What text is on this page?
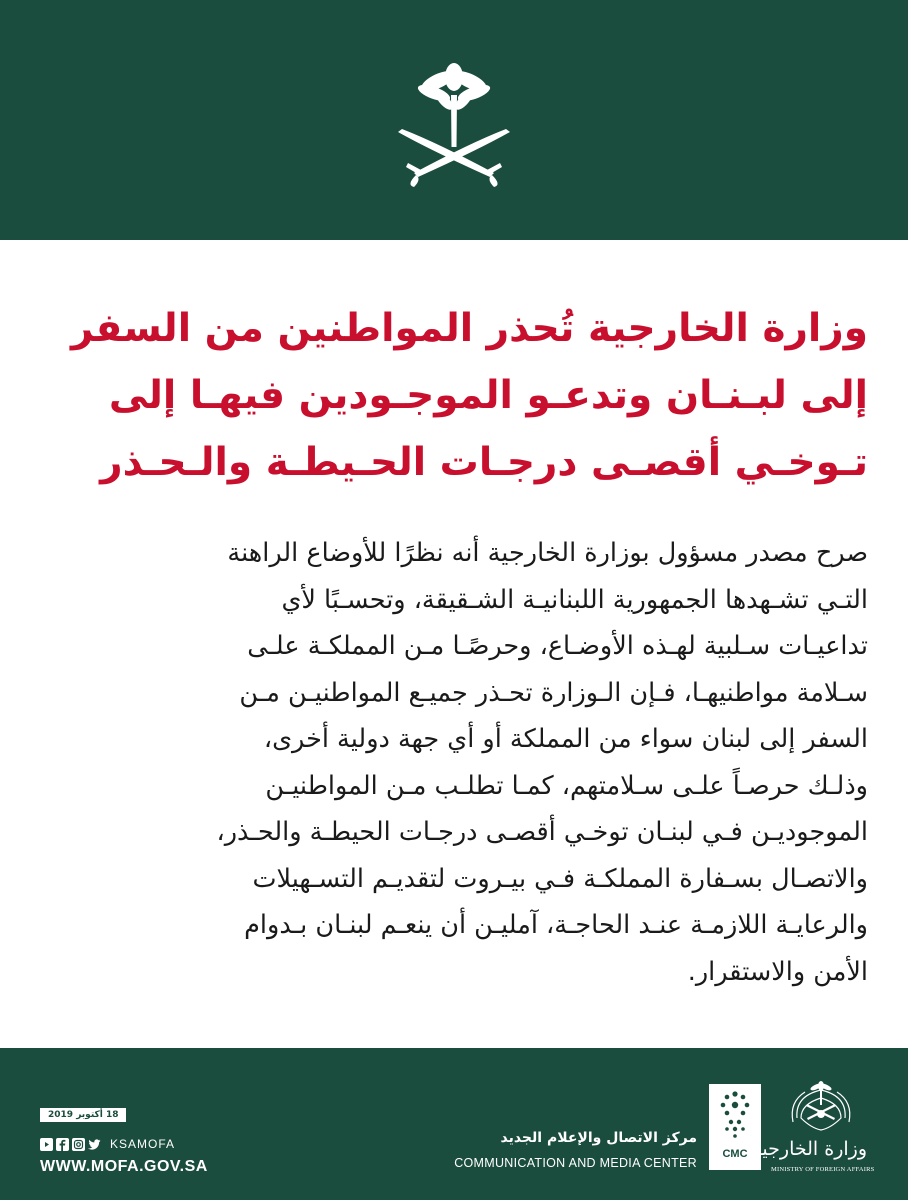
وزارة الخارجية تُحذر المواطنين من السفر
إلى لبـنـان وتدعـو الموجـودين فيهـا إلى
تـوخـي أقصـى درجـات الحـيطـة والـحـذر
صرح مصدر مسؤول بوزارة الخارجية أنه نظرًا للأوضاع الراهنة
التـي تشـهدها الجمهورية اللبنانيـة الشـقيقة، وتحسـبًا لأي
تداعيـات سـلبية لهـذه الأوضـاع، وحرصًـا مـن المملكـة علـى
سـلامة مواطنيهـا، فـإن الـوزارة تحـذر جميـع المواطنيـن مـن
السفر إلى لبنان سواء من المملكة أو أي جهة دولية أخرى،
وذلـك حرصـاً علـى سـلامتهم، كمـا تطلـب مـن المواطنيـن
الموجوديـن فـي لبنـان توخـي أقصـى درجـات الحيطـة والحـذر،
والاتصـال بسـفارة المملكـة فـي بيـروت لتقديـم التسـهيلات
والرعايـة اللازمـة عنـد الحاجـة، آمليـن أن ينعـم لبنـان بـدوام
الأمن والاستقرار.
18 أكتوبر 2019
KSAMOFA
WWW.MOFA.GOV.SA
مركز الاتصال والإعلام الجديد
COMMUNICATION AND MEDIA CENTER
CMC وزارة الخارجية
MINISTRY OF FOREIGN AFFAIRS
